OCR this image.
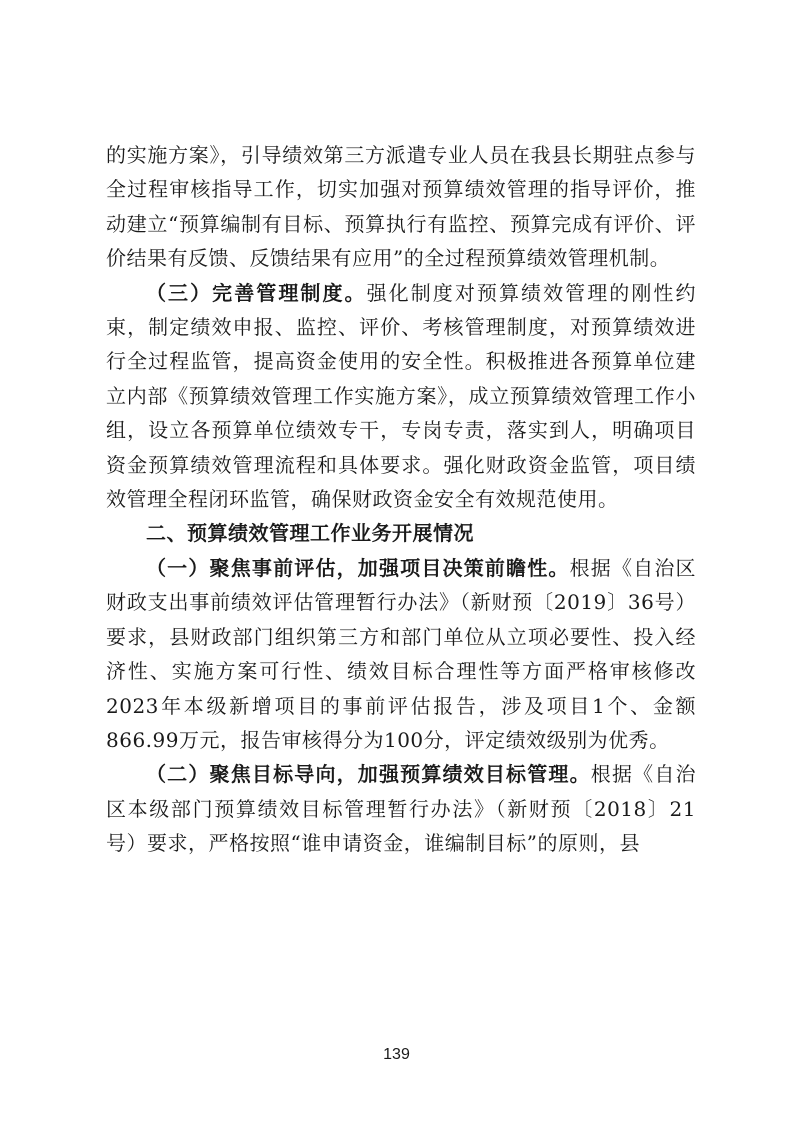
的实施方案》，引导绩效第三方派遣专业人员在我县长期驻点参与全过程审核指导工作，切实加强对预算绩效管理的指导评价，推动建立“预算编制有目标、预算执行有监控、预算完成有评价、评价结果有反馈、反馈结果有应用”的全过程预算绩效管理机制。

（三）完善管理制度。强化制度对预算绩效管理的刚性约束，制定绩效申报、监控、评价、考核管理制度，对预算绩效进行全过程监管，提高资金使用的安全性。积极推进各预算单位建立内部《预算绩效管理工作实施方案》，成立预算绩效管理工作小组，设立各预算单位绩效专干，专岗专责，落实到人，明确项目资金预算绩效管理流程和具体要求。强化财政资金监管，项目绩效管理全程闭环监管，确保财政资金安全有效规范使用。

二、预算绩效管理工作业务开展情况

（一）聚焦事前评估，加强项目决策前瞻性。根据《自治区财政支出事前绩效评估管理暂行办法》（新财预〔2019〕36号）要求，县财政部门组织第三方和部门单位从立项必要性、投入经济性、实施方案可行性、绩效目标合理性等方面严格审核修改2023年本级新增项目的事前评估报告，涉及项目1个、金额866.99万元，报告审核得分为100分，评定绩效级别为优秀。

（二）聚焦目标导向，加强预算绩效目标管理。根据《自治区本级部门预算绩效目标管理暂行办法》（新财预〔2018〕21号）要求，严格按照“谁申请资金，谁编制目标”的原则，县

139
